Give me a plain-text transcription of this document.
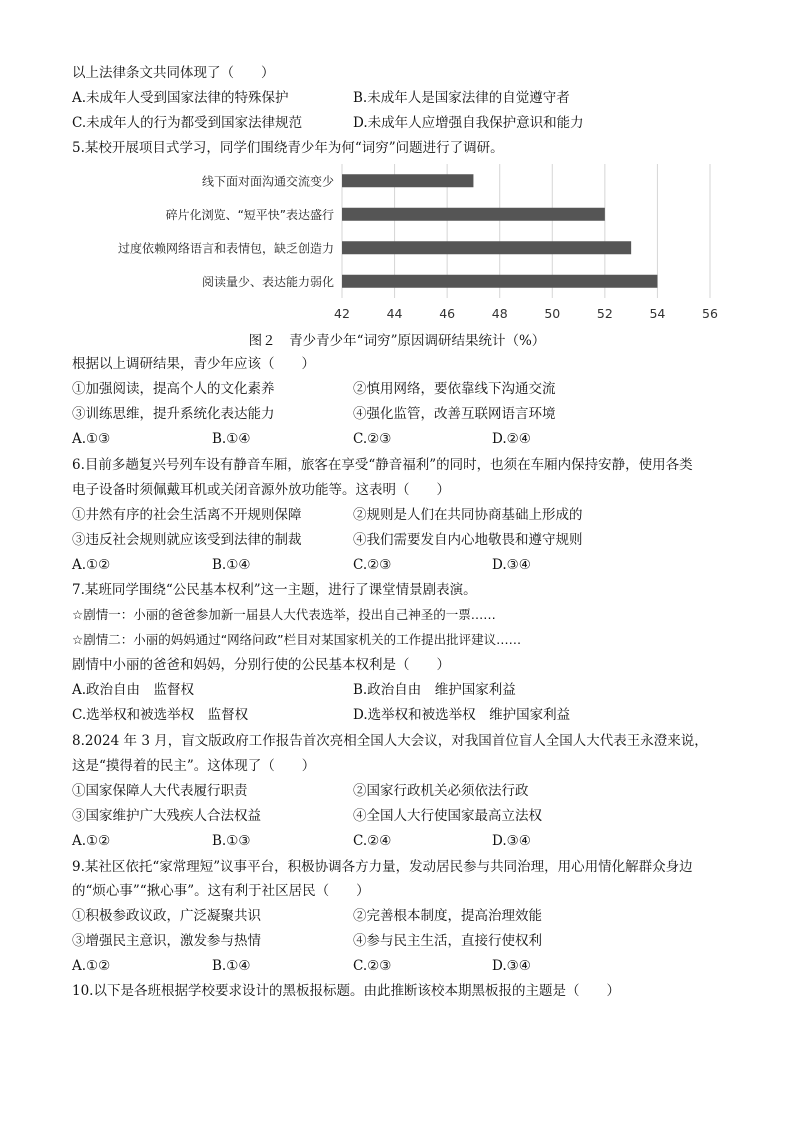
以上法律条文共同体现了（　　）
A.未成年人受到国家法律的特殊保护	B.未成年人是国家法律的自觉遵守者
C.未成年人的行为都受到国家法律规范	D.未成年人应增强自我保护意识和能力
5.某校开展项目式学习，同学们围绕青少年为何“词穷”问题进行了调研。
线下面对面沟通交流变少
碎片化浏览、“短平快”表达盛行
过度依赖网络语言和表情包，缺乏创造力
阅读量少、表达能力弱化
42	44	46	48	50	52	54	56
图２　青少青少年“词穷”原因调研结果统计（%）
根据以上调研结果，青少年应该（　　）
①加强阅读，提高个人的文化素养	②慎用网络，要依靠线下沟通交流
③训练思维，提升系统化表达能力	④强化监管，改善互联网语言环境
A.①③	B.①④	C.②③	D.②④
6.目前多趟复兴号列车设有静音车厢，旅客在享受“静音福利”的同时，也须在车厢内保持安静，使用各类
电子设备时须佩戴耳机或关闭音源外放功能等。这表明（　　）
①井然有序的社会生活离不开规则保障	②规则是人们在共同协商基础上形成的
③违反社会规则就应该受到法律的制裁	④我们需要发自内心地敬畏和遵守规则
A.①②	B.①④	C.②③	D.③④
7.某班同学围绕“公民基本权利”这一主题，进行了课堂情景剧表演。
☆剧情一：小丽的爸爸参加新一届县人大代表选举，投出自己神圣的一票……
☆剧情二：小丽的妈妈通过“网络问政”栏目对某国家机关的工作提出批评建议……
剧情中小丽的爸爸和妈妈，分别行使的公民基本权利是（　　）
A.政治自由　监督权	B.政治自由　维护国家利益
C.选举权和被选举权　监督权	D.选举权和被选举权　维护国家利益
8.2024 年 3 月，盲文版政府工作报告首次亮相全国人大会议，对我国首位盲人全国人大代表王永澄来说，
这是“摸得着的民主”。这体现了（　　）
①国家保障人大代表履行职责	②国家行政机关必须依法行政
③国家维护广大残疾人合法权益	④全国人大行使国家最高立法权
A.①②	B.①③	C.②④	D.③④
9.某社区依托“家常理短”议事平台，积极协调各方力量，发动居民参与共同治理，用心用情化解群众身边
的“烦心事”“揪心事”。这有利于社区居民（　　）
①积极参政议政，广泛凝聚共识	②完善根本制度，提高治理效能
③增强民主意识，激发参与热情	④参与民主生活，直接行使权利
A.①②	B.①④	C.②③	D.③④
10.以下是各班根据学校要求设计的黑板报标题。由此推断该校本期黑板报的主题是（　　）
